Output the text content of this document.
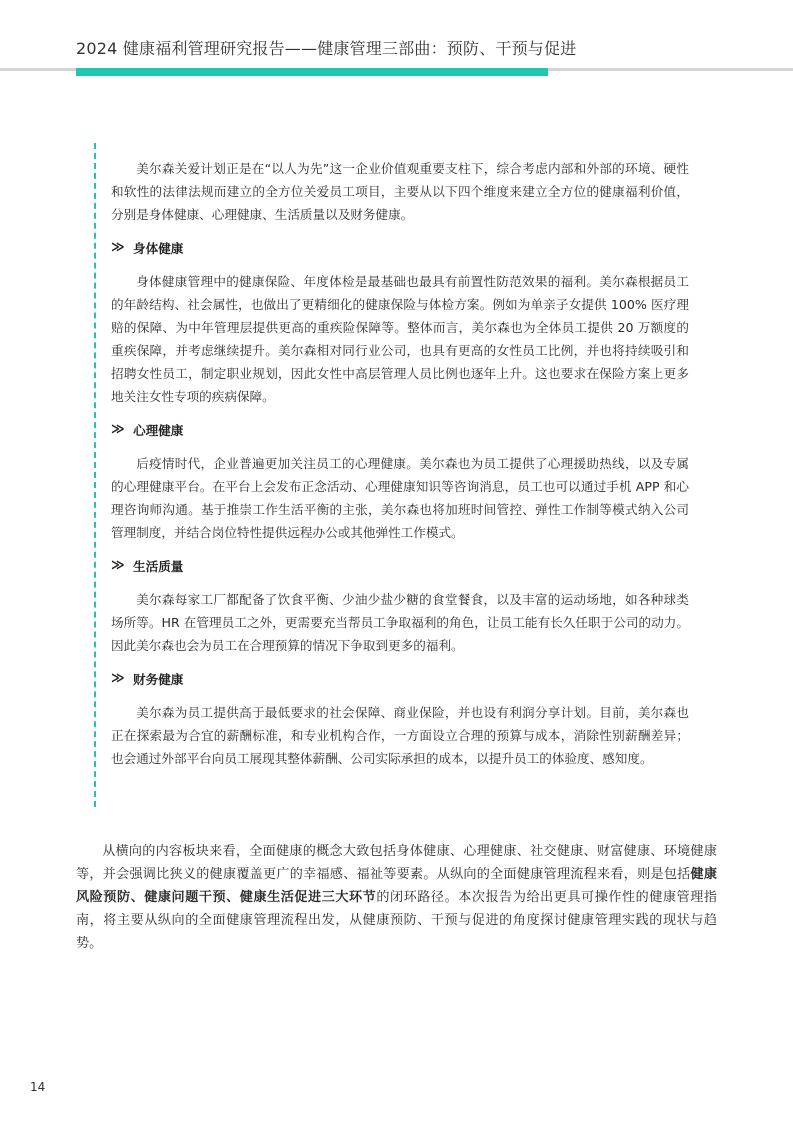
2024 健康福利管理研究报告——健康管理三部曲：预防、干预与促进

美尔森关爱计划正是在“以人为先”这一企业价值观重要支柱下，综合考虑内部和外部的环境、硬性和软性的法律法规而建立的全方位关爱员工项目，主要从以下四个维度来建立全方位的健康福利价值，分别是身体健康、心理健康、生活质量以及财务健康。

≫ 身体健康

身体健康管理中的健康保险、年度体检是最基础也最具有前置性防范效果的福利。美尔森根据员工的年龄结构、社会属性，也做出了更精细化的健康保险与体检方案。例如为单亲子女提供 100% 医疗理赔的保障、为中年管理层提供更高的重疾险保障等。整体而言，美尔森也为全体员工提供 20 万额度的重疾保障，并考虑继续提升。美尔森相对同行业公司，也具有更高的女性员工比例，并也将持续吸引和招聘女性员工，制定职业规划，因此女性中高层管理人员比例也逐年上升。这也要求在保险方案上更多地关注女性专项的疾病保障。

≫ 心理健康

后疫情时代，企业普遍更加关注员工的心理健康。美尔森也为员工提供了心理援助热线，以及专属的心理健康平台。在平台上会发布正念活动、心理健康知识等咨询消息，员工也可以通过手机 APP 和心理咨询师沟通。基于推崇工作生活平衡的主张，美尔森也将加班时间管控、弹性工作制等模式纳入公司管理制度，并结合岗位特性提供远程办公或其他弹性工作模式。

≫ 生活质量

美尔森每家工厂都配备了饮食平衡、少油少盐少糖的食堂餐食，以及丰富的运动场地，如各种球类场所等。HR 在管理员工之外，更需要充当帮员工争取福利的角色，让员工能有长久任职于公司的动力。因此美尔森也会为员工在合理预算的情况下争取到更多的福利。

≫ 财务健康

美尔森为员工提供高于最低要求的社会保障、商业保险，并也设有利润分享计划。目前，美尔森也正在探索最为合宜的薪酬标准，和专业机构合作，一方面设立合理的预算与成本，消除性别薪酬差异；也会通过外部平台向员工展现其整体薪酬、公司实际承担的成本，以提升员工的体验度、感知度。

从横向的内容板块来看，全面健康的概念大致包括身体健康、心理健康、社交健康、财富健康、环境健康等，并会强调比狭义的健康覆盖更广的幸福感、福祉等要素。从纵向的全面健康管理流程来看，则是包括健康风险预防、健康问题干预、健康生活促进三大环节的闭环路径。本次报告为给出更具可操作性的健康管理指南，将主要从纵向的全面健康管理流程出发，从健康预防、干预与促进的角度探讨健康管理实践的现状与趋势。

14
